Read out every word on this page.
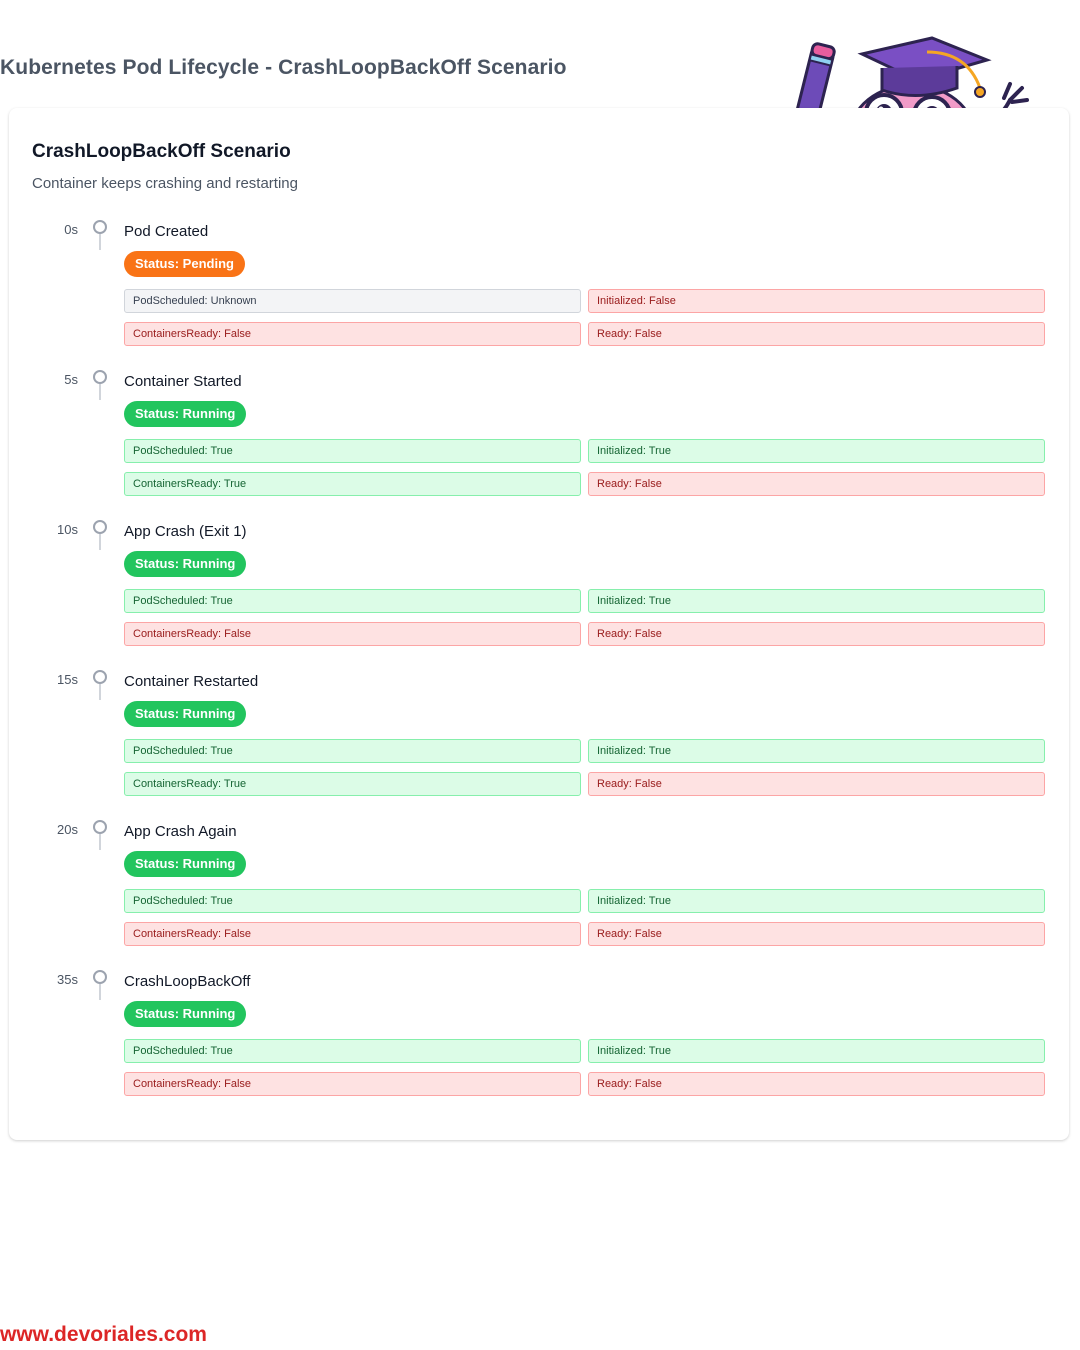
Kubernetes Pod Lifecycle - CrashLoopBackOff Scenario
CrashLoopBackOff Scenario
Container keeps crashing and restarting
0s	Pod Created
Status: Pending
PodScheduled: Unknown	Initialized: False
ContainersReady: False	Ready: False
5s	Container Started
Status: Running
PodScheduled: True	Initialized: True
ContainersReady: True	Ready: False
10s	App Crash (Exit 1)
Status: Running
PodScheduled: True	Initialized: True
ContainersReady: False	Ready: False
15s	Container Restarted
Status: Running
PodScheduled: True	Initialized: True
ContainersReady: True	Ready: False
20s	App Crash Again
Status: Running
PodScheduled: True	Initialized: True
ContainersReady: False	Ready: False
35s	CrashLoopBackOff
Status: Running
PodScheduled: True	Initialized: True
ContainersReady: False	Ready: False
www.devoriales.com
